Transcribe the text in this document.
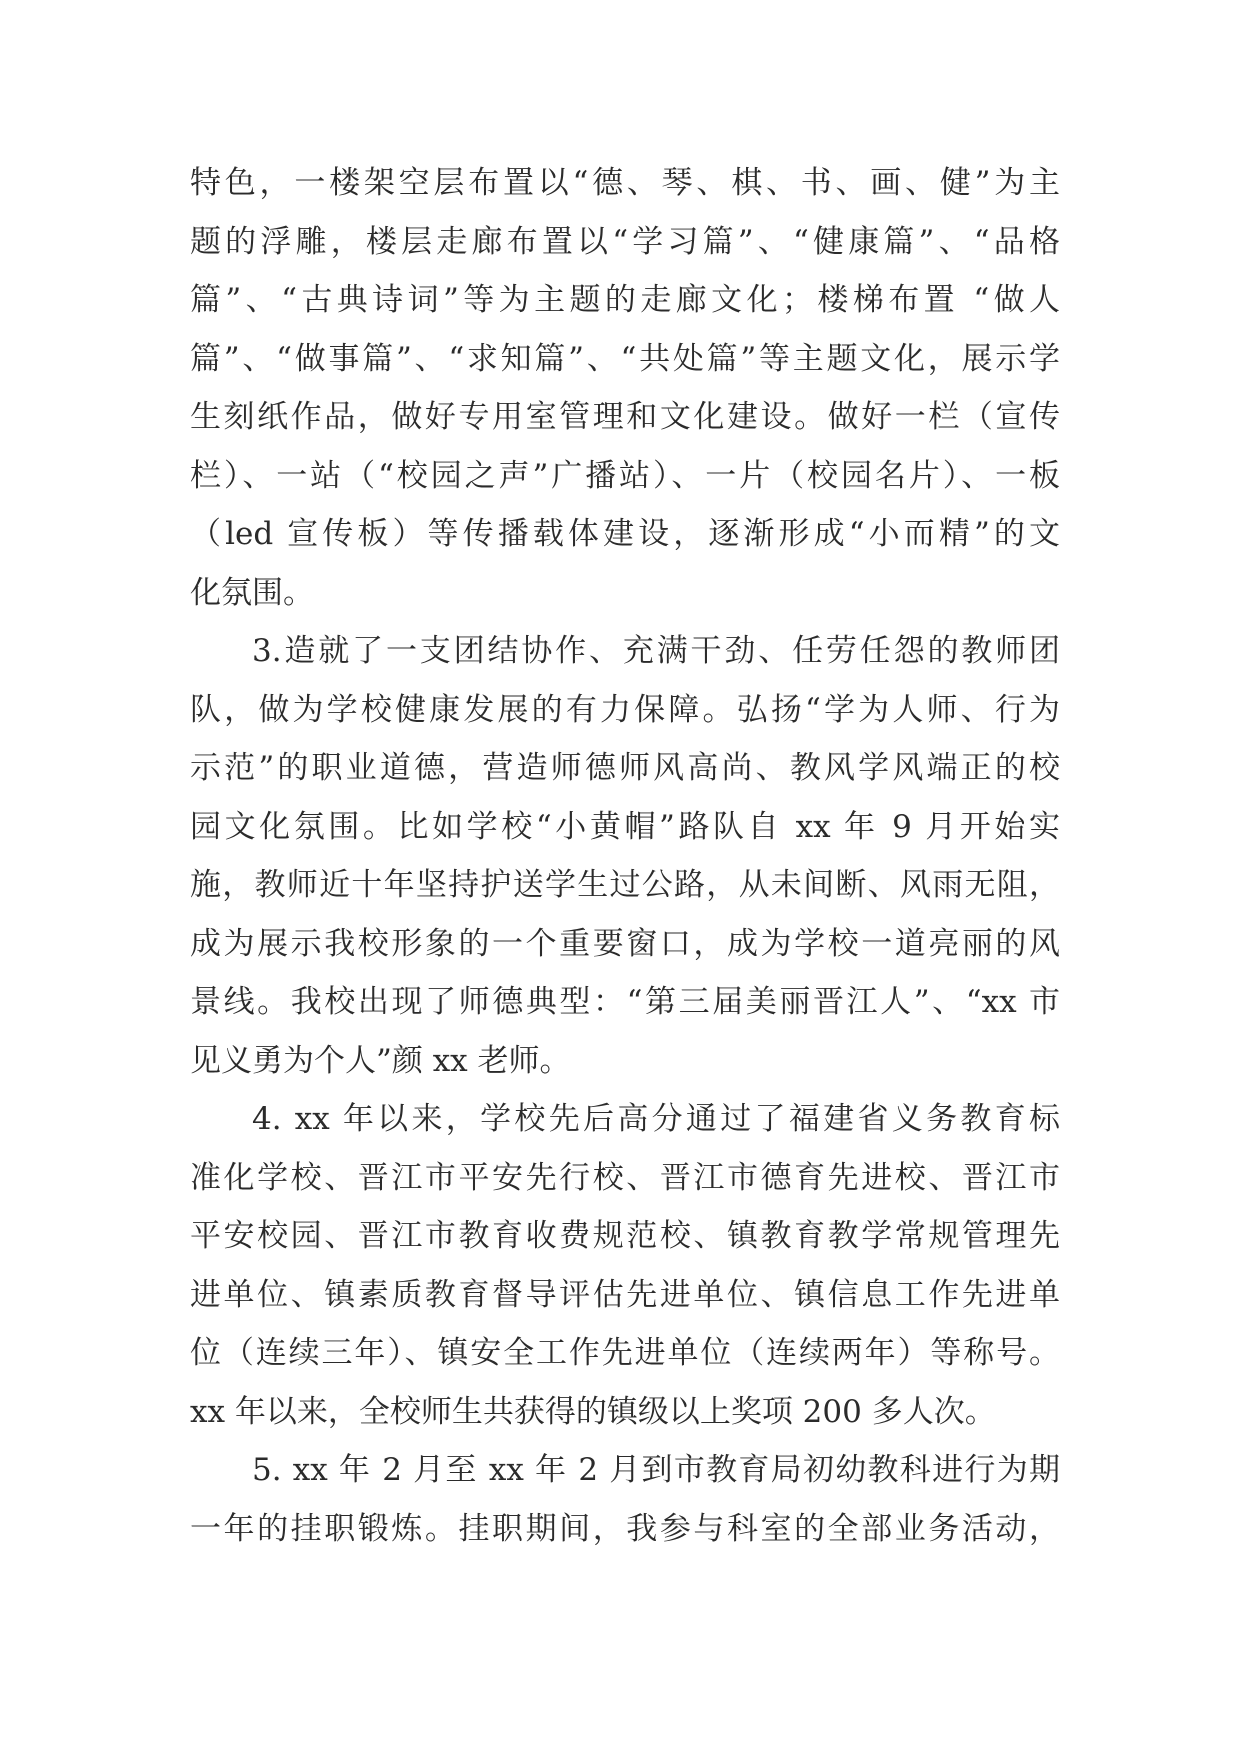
特色，一楼架空层布置以“德、琴、棋、书、画、健”为主
题的浮雕，楼层走廊布置以“学习篇”、“健康篇”、“品格
篇”、“古典诗词”等为主题的走廊文化；楼梯布置 “做人
篇”、“做事篇”、“求知篇”、“共处篇”等主题文化，展示学
生刻纸作品，做好专用室管理和文化建设。做好一栏（宣传
栏）、一站（“校园之声”广播站）、一片（校园名片）、一板
（led 宣传板）等传播载体建设，逐渐形成“小而精”的文
化氛围。
3.造就了一支团结协作、充满干劲、任劳任怨的教师团
队，做为学校健康发展的有力保障。弘扬“学为人师、行为
示范”的职业道德，营造师德师风高尚、教风学风端正的校
园文化氛围。比如学校“小黄帽”路队自 xx 年 9 月开始实
施，教师近十年坚持护送学生过公路，从未间断、风雨无阻，
成为展示我校形象的一个重要窗口，成为学校一道亮丽的风
景线。我校出现了师德典型：“第三届美丽晋江人”、“xx 市
见义勇为个人”颜 xx 老师。
4. xx 年以来，学校先后高分通过了福建省义务教育标
准化学校、晋江市平安先行校、晋江市德育先进校、晋江市
平安校园、晋江市教育收费规范校、镇教育教学常规管理先
进单位、镇素质教育督导评估先进单位、镇信息工作先进单
位（连续三年）、镇安全工作先进单位（连续两年）等称号。
xx 年以来，全校师生共获得的镇级以上奖项 200 多人次。
5. xx 年 2 月至 xx 年 2 月到市教育局初幼教科进行为期
一年的挂职锻炼。挂职期间，我参与科室的全部业务活动，
